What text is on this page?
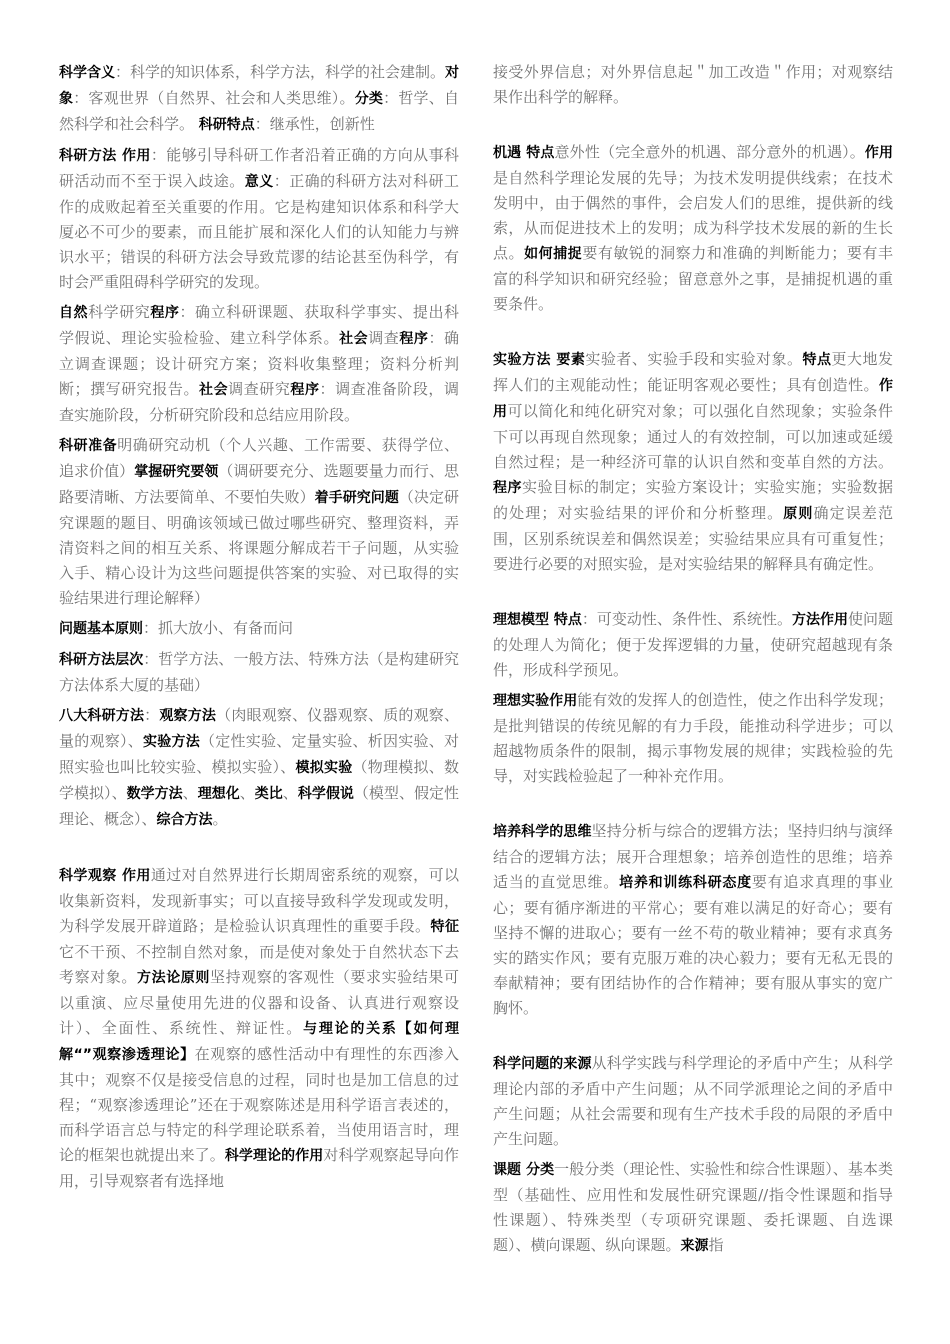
科学含义：科学的知识体系，科学方法，科学的社会建制。对象：客观世界（自然界、社会和人类思维）。分类：哲学、自然科学和社会科学。 科研特点：继承性，创新性

科研方法 作用：能够引导科研工作者沿着正确的方向从事科研活动而不至于误入歧途。意义：正确的科研方法对科研工作的成败起着至关重要的作用。它是构建知识体系和科学大厦必不可少的要素，而且能扩展和深化人们的认知能力与辨识水平；错误的科研方法会导致荒谬的结论甚至伪科学，有时会严重阻碍科学研究的发现。

自然科学研究程序：确立科研课题、获取科学事实、提出科学假说、理论实验检验、建立科学体系。社会调查程序：确立调查课题；设计研究方案；资料收集整理；资料分析判断；撰写研究报告。社会调查研究程序：调查准备阶段，调查实施阶段，分析研究阶段和总结应用阶段。

科研准备明确研究动机（个人兴趣、工作需要、获得学位、追求价值）掌握研究要领（调研要充分、选题要量力而行、思路要清晰、方法要简单、不要怕失败）着手研究问题（决定研究课题的题目、明确该领域已做过哪些研究、整理资料，弄清资料之间的相互关系、将课题分解成若干子问题，从实验入手、精心设计为这些问题提供答案的实验、对已取得的实验结果进行理论解释）

问题基本原则：抓大放小、有备而问

科研方法层次：哲学方法、一般方法、特殊方法（是构建研究方法体系大厦的基础）

八大科研方法：观察方法（肉眼观察、仪器观察、质的观察、量的观察）、实验方法（定性实验、定量实验、析因实验、对照实验也叫比较实验、模拟实验）、模拟实验（物理模拟、数学模拟）、数学方法、理想化、类比、科学假说（模型、假定性理论、概念）、综合方法。

科学观察 作用通过对自然界进行长期周密系统的观察，可以收集新资料，发现新事实；可以直接导致科学发现或发明，为科学发展开辟道路；是检验认识真理性的重要手段。特征它不干预、不控制自然对象，而是使对象处于自然状态下去考察对象。方法论原则坚持观察的客观性（要求实验结果可以重演、应尽量使用先进的仪器和设备、认真进行观察设计）、全面性、系统性、辩证性。与理论的关系【如何理解“”观察渗透理论】在观察的感性活动中有理性的东西渗入其中；观察不仅是接受信息的过程，同时也是加工信息的过程；“观察渗透理论”还在于观察陈述是用科学语言表述的，而科学语言总与特定的科学理论联系着，当使用语言时，理论的框架也就提出来了。科学理论的作用对科学观察起导向作用，引导观察者有选择地

接受外界信息；对外界信息起＂加工改造＂作用；对观察结果作出科学的解释。

机遇 特点意外性（完全意外的机遇、部分意外的机遇）。作用是自然科学理论发展的先导；为技术发明提供线索；在技术发明中，由于偶然的事件，会启发人们的思维，提供新的线索，从而促进技术上的发明；成为科学技术发展的新的生长点。如何捕捉要有敏锐的洞察力和准确的判断能力；要有丰富的科学知识和研究经验；留意意外之事，是捕捉机遇的重要条件。

实验方法 要素实验者、实验手段和实验对象。特点更大地发挥人们的主观能动性；能证明客观必要性；具有创造性。作用可以简化和纯化研究对象；可以强化自然现象；实验条件下可以再现自然现象；通过人的有效控制，可以加速或延缓自然过程；是一种经济可靠的认识自然和变革自然的方法。程序实验目标的制定；实验方案设计；实验实施；实验数据的处理；对实验结果的评价和分析整理。原则确定误差范围，区别系统误差和偶然误差；实验结果应具有可重复性；要进行必要的对照实验，是对实验结果的解释具有确定性。

理想模型 特点：可变动性、条件性、系统性。方法作用使问题的处理人为简化；便于发挥逻辑的力量，使研究超越现有条件，形成科学预见。

理想实验作用能有效的发挥人的创造性，使之作出科学发现；是批判错误的传统见解的有力手段，能推动科学进步；可以超越物质条件的限制，揭示事物发展的规律；实践检验的先导，对实践检验起了一种补充作用。

培养科学的思维坚持分析与综合的逻辑方法；坚持归纳与演绎结合的逻辑方法；展开合理想象；培养创造性的思维；培养适当的直觉思维。培养和训练科研态度要有追求真理的事业心；要有循序渐进的平常心；要有难以满足的好奇心；要有坚持不懈的进取心；要有一丝不苟的敬业精神；要有求真务实的踏实作风；要有克服万难的决心毅力；要有无私无畏的奉献精神；要有团结协作的合作精神；要有服从事实的宽广胸怀。

科学问题的来源从科学实践与科学理论的矛盾中产生；从科学理论内部的矛盾中产生问题；从不同学派理论之间的矛盾中产生问题；从社会需要和现有生产技术手段的局限的矛盾中产生问题。

课题 分类一般分类（理论性、实验性和综合性课题）、基本类型（基础性、应用性和发展性研究课题//指令性课题和指导性课题）、特殊类型（专项研究课题、委托课题、自选课题）、横向课题、纵向课题。来源指
